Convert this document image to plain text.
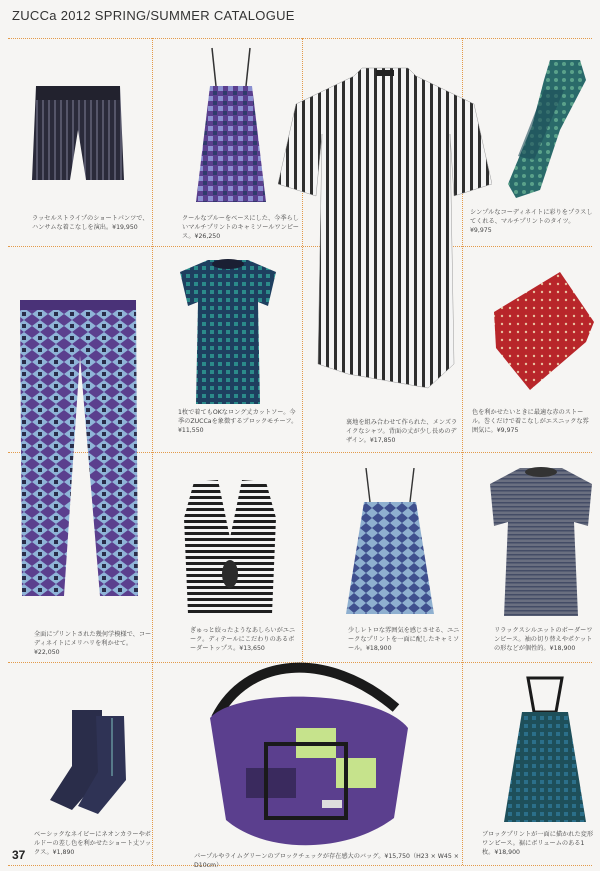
ZUCCa 2012 SPRING/SUMMER CATALOGUE
ラッセルストライプのショートパンツで、ハンサムな着こなしを演出。¥19,950
クールなブルーをベースにした、今季らしいマルチプリントのキャミソールワンピース。¥26,250
裏地を組み合わせて作られた、メンズライクなシャツ。背面の丈が少し長めのデザイン。¥17,850
シンプルなコーディネイトに彩りをプラスしてくれる、マルチプリントのタイツ。¥9,975
全面にプリントされた幾何学模様で、コーディネイトにメリハリを利かせて。¥22,050
1枚で着てもOKなロング丈カットソー。今季のZUCCaを象徴するブロックモチーフ。¥11,550
色を利かせたいときに最適な赤のストール。巻くだけで着こなしがエスニックな雰囲気に。¥9,975
ぎゅっと絞ったようなあしらいがユニーク。ディテールにこだわりのあるボーダートップス。¥13,650
少しレトロな雰囲気を感じさせる、ユニークなプリントを一面に配したキャミソール。¥18,900
リラックスシルエットのボーダーワンピース。袖の切り替えやポケットの形などが個性的。¥18,900
ベーシックなネイビーにネオンカラーやボルドーの差し色を利かせたショート丈ソックス。¥1,890
パープルやライムグリーンのブロックチェックが存在感大のバッグ。¥15,750（H23 × W45 × D10cm）
ブロックプリントが一面に描かれた変形ワンピース。裾にボリュームのある1枚。¥18,900
37
